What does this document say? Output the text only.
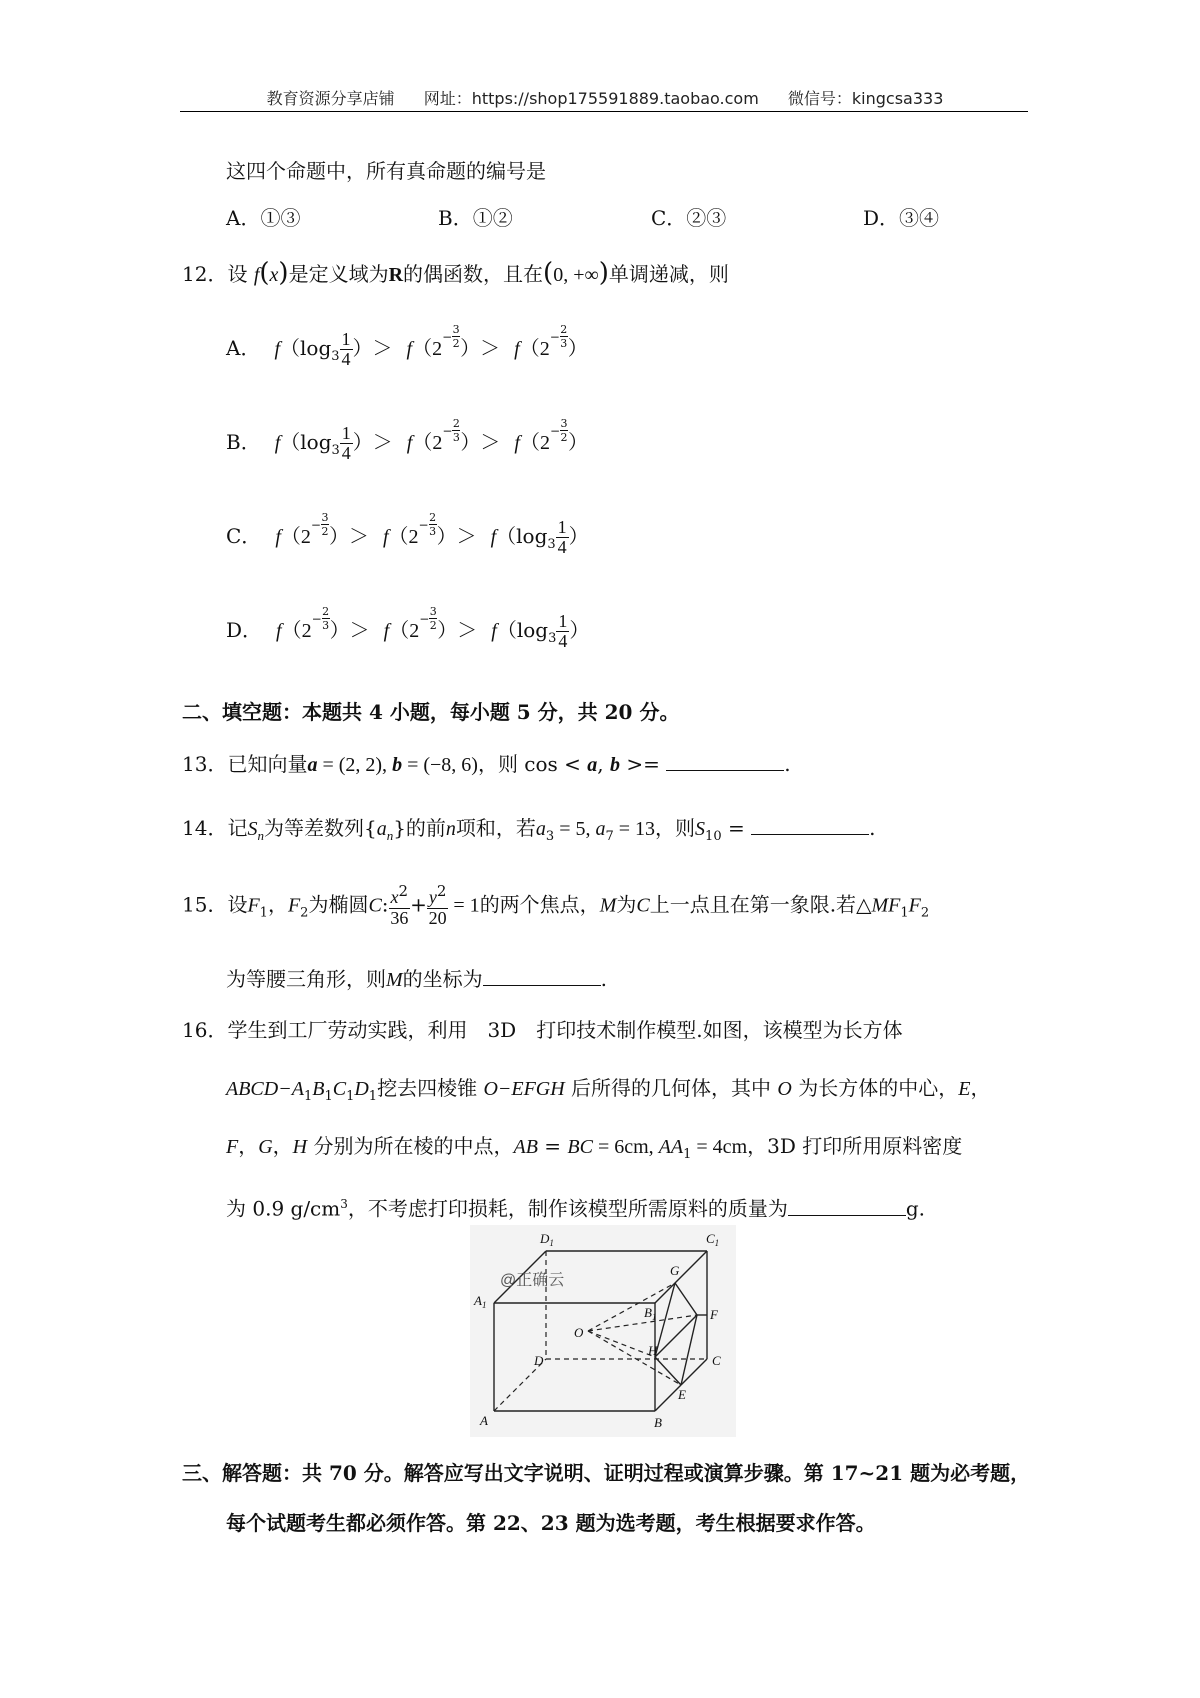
教育资源分享店铺 网址：https://shop175591889.taobao.com 微信号：kingcsa333
这四个命题中，所有真命题的编号是
A．①③	B．①②	C．②③	D．③④
12．设 f(x)是定义域为R的偶函数，且在(0, +∞)单调递减，则
A． $f(\log_3 \frac{1}{4}$ ）＞ f（2
− 3
2 ）＞ f（2
− 2
3 ）
B． $f(\log_3 \frac{1}{4}$ ）＞ f（2
− 2
3 ）＞ f（2
− 3
2 ）
C． f（2
− 3
2 ）＞ f（2
− 2
3 ）＞ $f(\log_3 \frac{1}{4}$ ）
D． f（2
− 2
3 ）＞ f（2
− 3
2 ）＞ $f(\log_3 \frac{1}{4}$ ）
二、填空题：本题共 4 小题，每小题 5 分，共 20 分。
13．已知向量a = (2, 2), b = (−8, 6)，则 cos < a, b >=	.
14．记$S_n$为等差数列$\{a_n\}$的前n项和，若$a_3 = 5$, $a_7 = 13$，则$S_{10}$ =	.
15．设$F_1$，$F_2$为椭圆C: $\frac{x^2}{36} + \frac{y^2}{20} = 1$的两个焦点，M为C上一点且在第一象限.若$\triangle MF_1F_2$
为等腰三角形，则M的坐标为	.
16．学生到工厂劳动实践，利用　3D　打印技术制作模型.如图，该模型为长方体
$ABCD-A_1B_1C_1D_1$挖去四棱锥 O−EFGH 后所得的几何体，其中 O 为长方体的中心，E，
F，G，H 分别为所在棱的中点，AB = BC = 6cm, $AA_1 = 4cm$，3D 打印所用原料密度
为 0.9 $g/cm^3$，不考虑打印损耗，制作该模型所需原料的质量为	g.
@正确云
$D_1$	$C_1$
$A_1$	$B_1$
G
F
O
H
D	C
E
A	B
三、解答题：共 70 分。解答应写出文字说明、证明过程或演算步骤。第 17~21 题为必考题，
每个试题考生都必须作答。第 22、23 题为选考题，考生根据要求作答。
